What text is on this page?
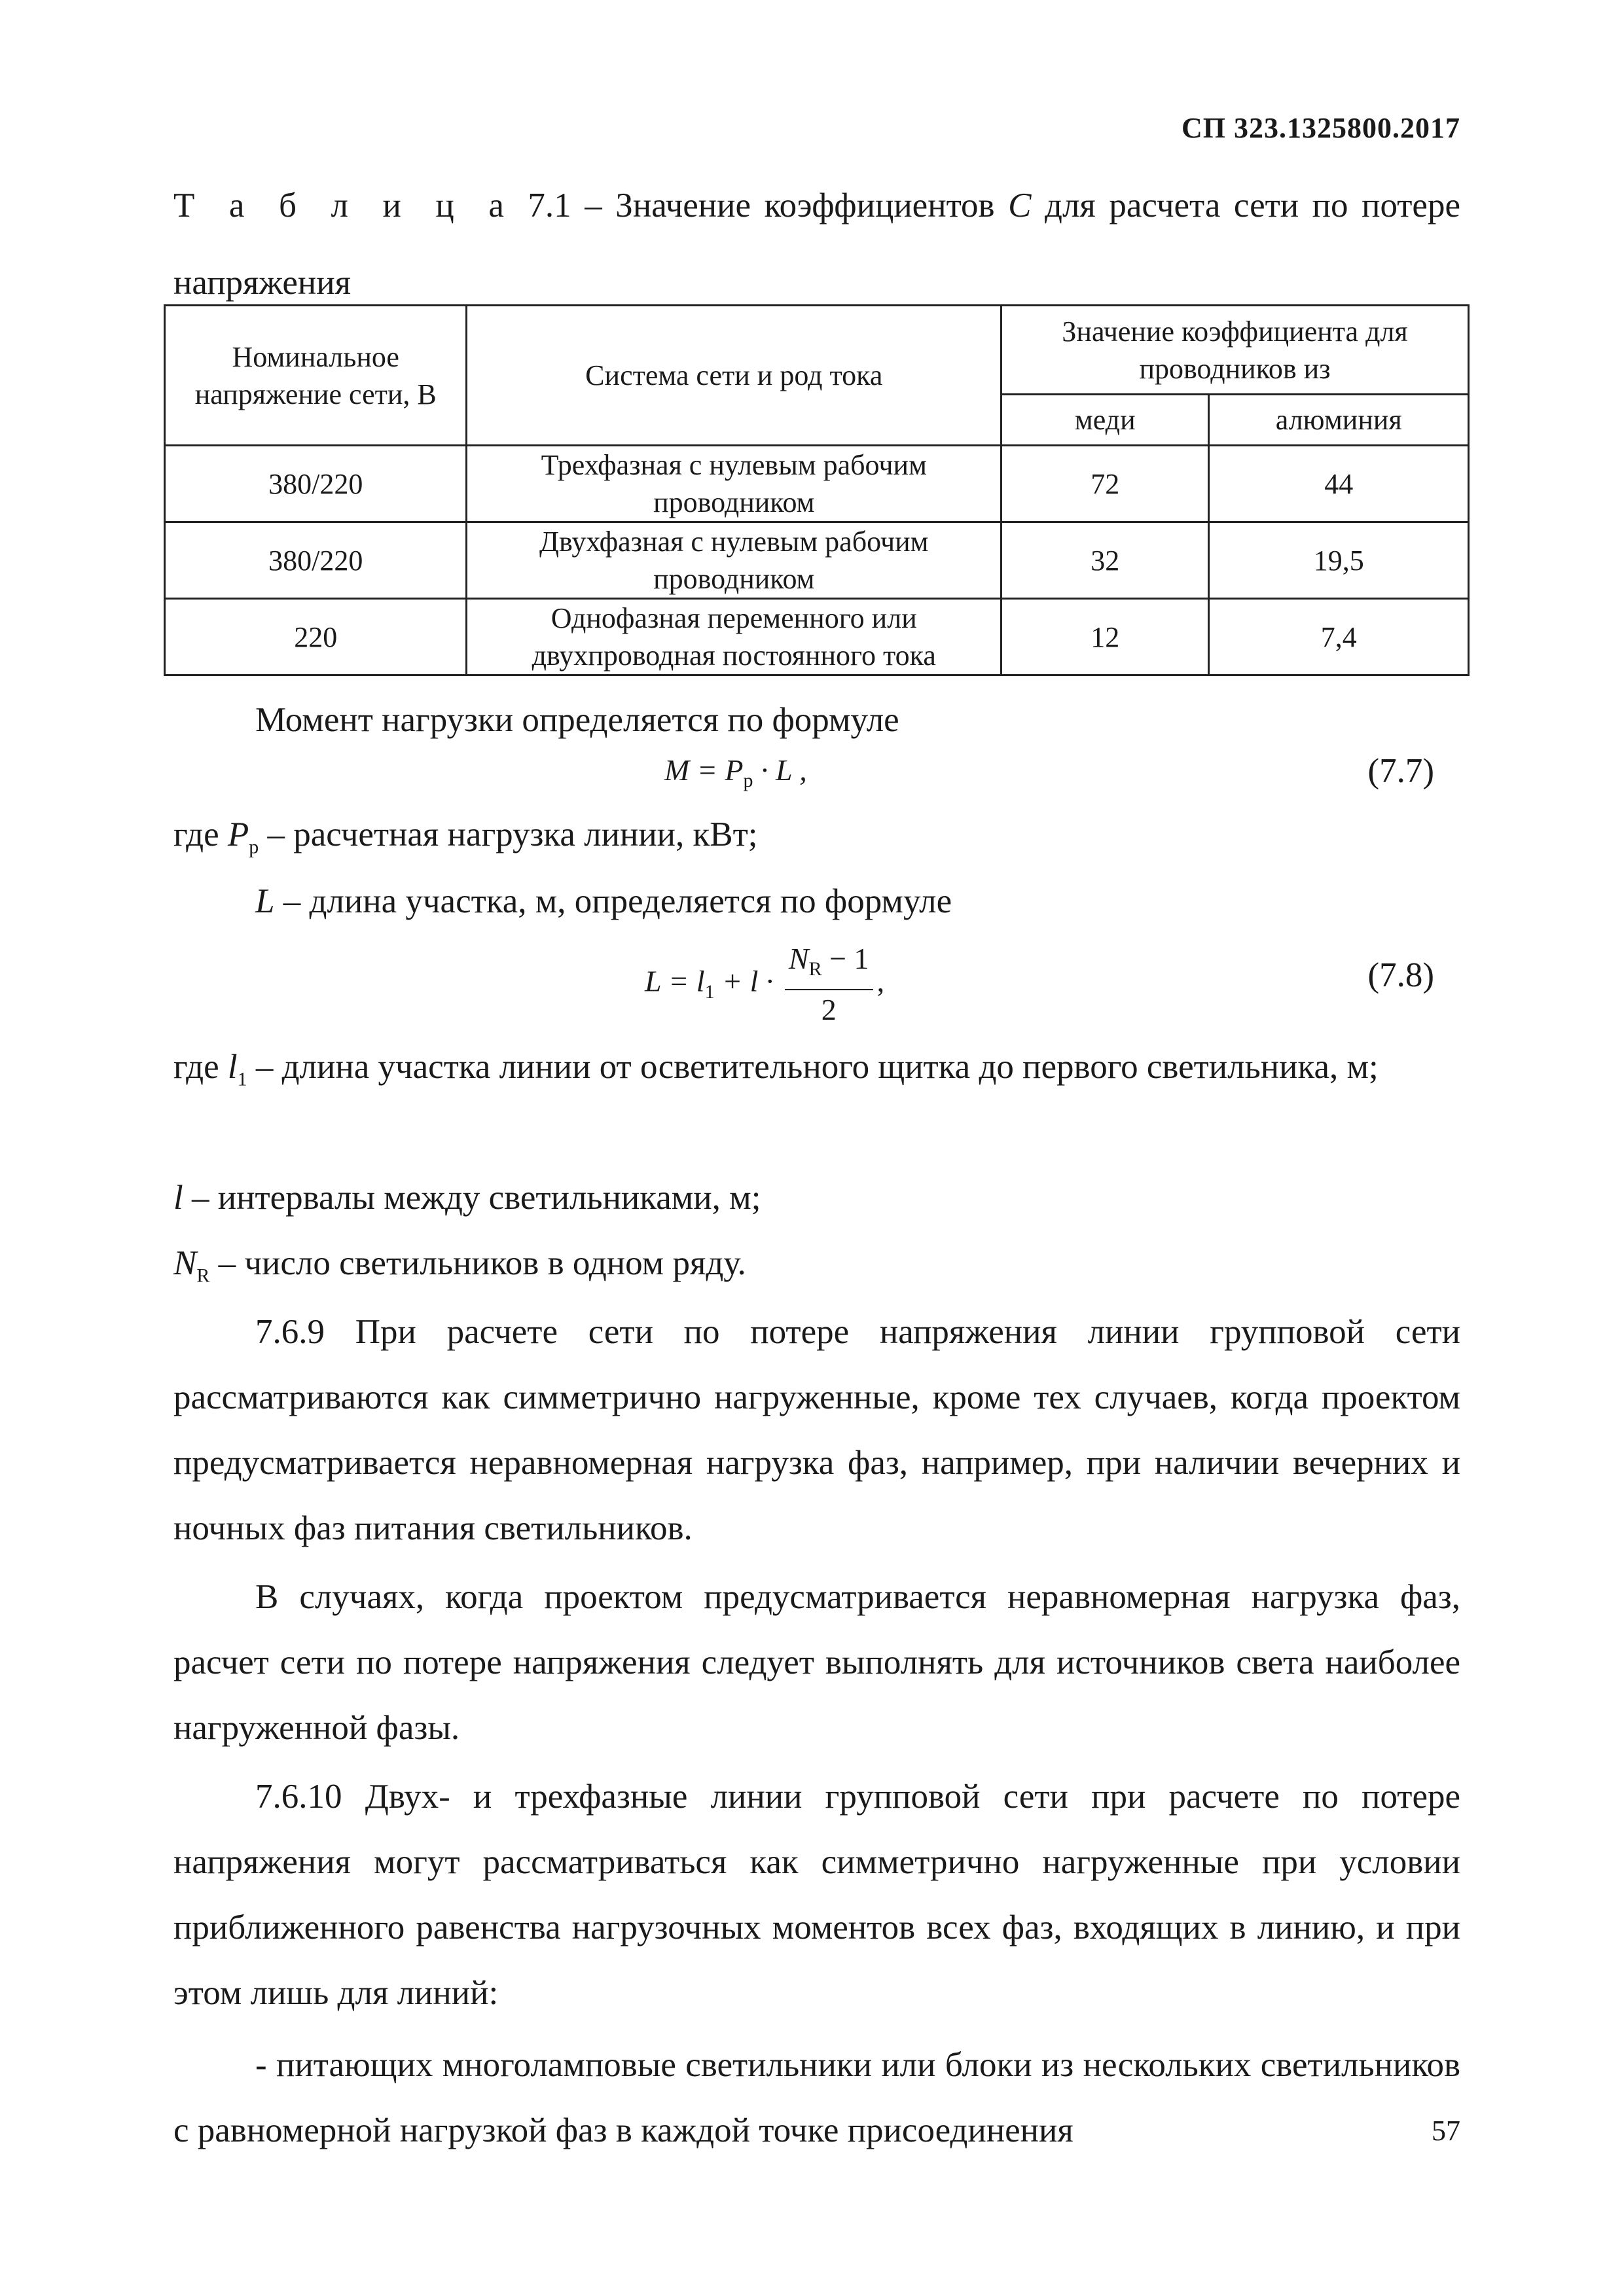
СП 323.1325800.2017
Т а б л и ц а 7.1 – Значение коэффициентов C для расчета сети по потере напряжения
Номинальное напряжение сети, В	Система сети и род тока	Значение коэффициента для проводников из	
		меди	алюминия
380/220	Трехфазная с нулевым рабочим проводником	72	44
380/220	Двухфазная с нулевым рабочим проводником	32	19,5
220	Однофазная переменного или двухпроводная постоянного тока	12	7,4
Момент нагрузки определяется по формуле
$M = P_р \cdot L$ ,	(7.7)
где $P_р$ – расчетная нагрузка линии, кВт;
L – длина участка, м, определяется по формуле
$L = l_1 + l \cdot \frac{N_R - 1}{2}$ ,	(7.8)
где $l_1$ – длина участка линии от осветительного щитка до первого светильника, м;
l – интервалы между светильниками, м;
$N_R$ – число светильников в одном ряду.
7.6.9 При расчете сети по потере напряжения линии групповой сети рассматриваются как симметрично нагруженные, кроме тех случаев, когда проектом предусматривается неравномерная нагрузка фаз, например, при наличии вечерних и ночных фаз питания светильников.
В случаях, когда проектом предусматривается неравномерная нагрузка фаз, расчет сети по потере напряжения следует выполнять для источников света наиболее нагруженной фазы.
7.6.10 Двух- и трехфазные линии групповой сети при расчете по потере напряжения могут рассматриваться как симметрично нагруженные при условии приближенного равенства нагрузочных моментов всех фаз, входящих в линию, и при этом лишь для линий:
- питающих многоламповые светильники или блоки из нескольких светильников с равномерной нагрузкой фаз в каждой точке присоединения	57
